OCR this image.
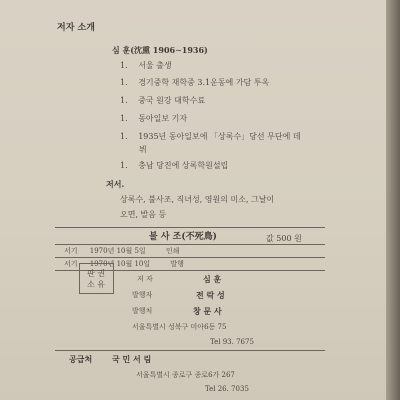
저자 소개
심 훈(沈熏 1906∼1936)
1. 서울 출생
1. 경기중학 재학중 3.1운동에 가담 투옥
1. 중국 원강 대학수료
1. 동아일보 기자
1. 1935년 동아일보에 「상록수」당선 무단에 데
뷔
1. 충남 당진에 상록학원설립
저서.
상록수, 불사조, 직녀성, 영원의 미소, 그날이
오면, 발음 등
불 사 조(不死鳥)	값 500 원
서기 1970년 10월 5일	인쇄
서기 1970년 10월 10일	발행
판 권
소 유
저 자	심 훈
발행자	전 락 성
발행처	창 문 사
서울특별시 성북구 미아6동 75
Tel 93. 7675
공급처 국 민 서 림
서울특별시 종로구 종로6가 267
Tel 26. 7035
